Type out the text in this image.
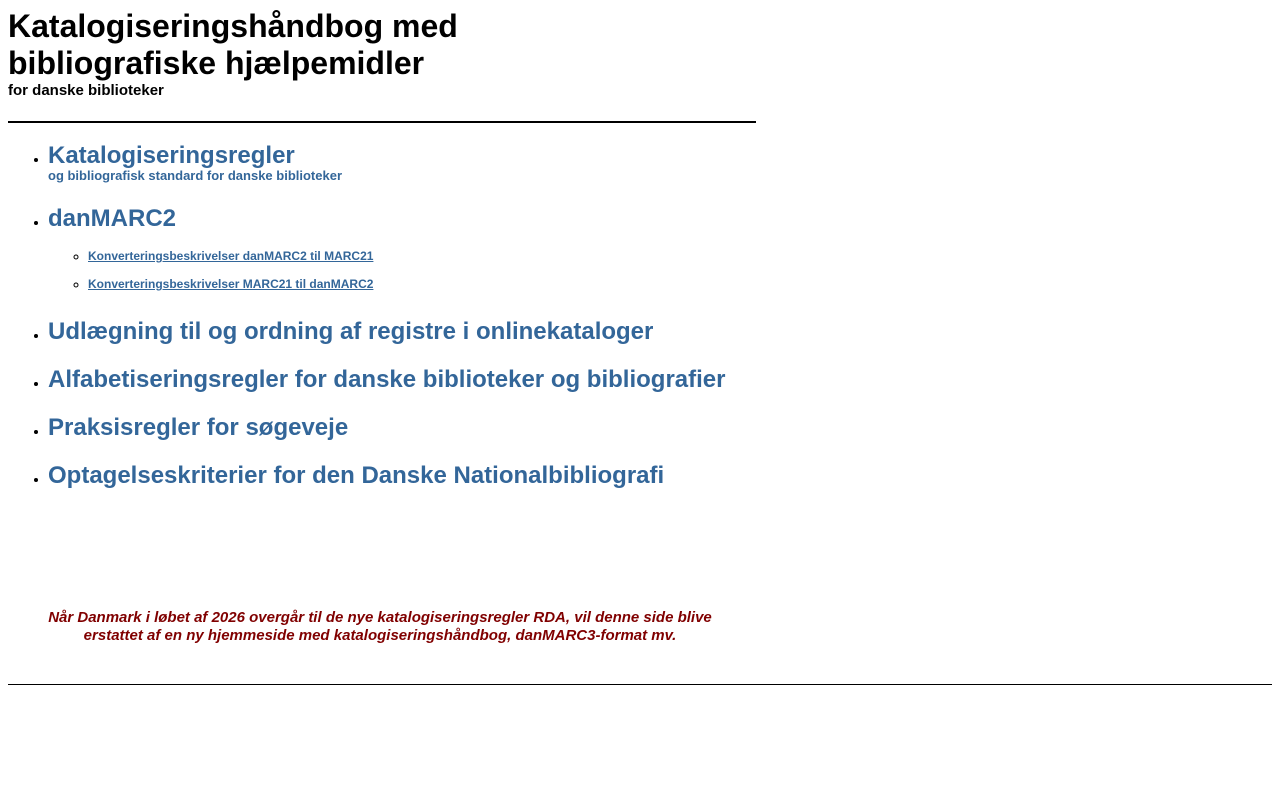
Katalogiseringshåndbog med
bibliografiske hjælpemidler

for danske biblioteker

• Katalogiseringsregler
og bibliografisk standard for danske biblioteker
• danMARC2
◦ Konverteringsbeskrivelser danMARC2 til MARC21
◦ Konverteringsbeskrivelser MARC21 til danMARC2
• Udlægning til og ordning af registre i onlinekataloger
• Alfabetiseringsregler for danske biblioteker og bibliografier
• Praksisregler for søgeveje
• Optagelseskriterier for den Danske Nationalbibliografi

Når Danmark i løbet af 2026 overgår til de nye katalogiseringsregler RDA, vil denne side blive
erstattet af en ny hjemmeside med katalogiseringshåndbog, danMARC3-format mv.
